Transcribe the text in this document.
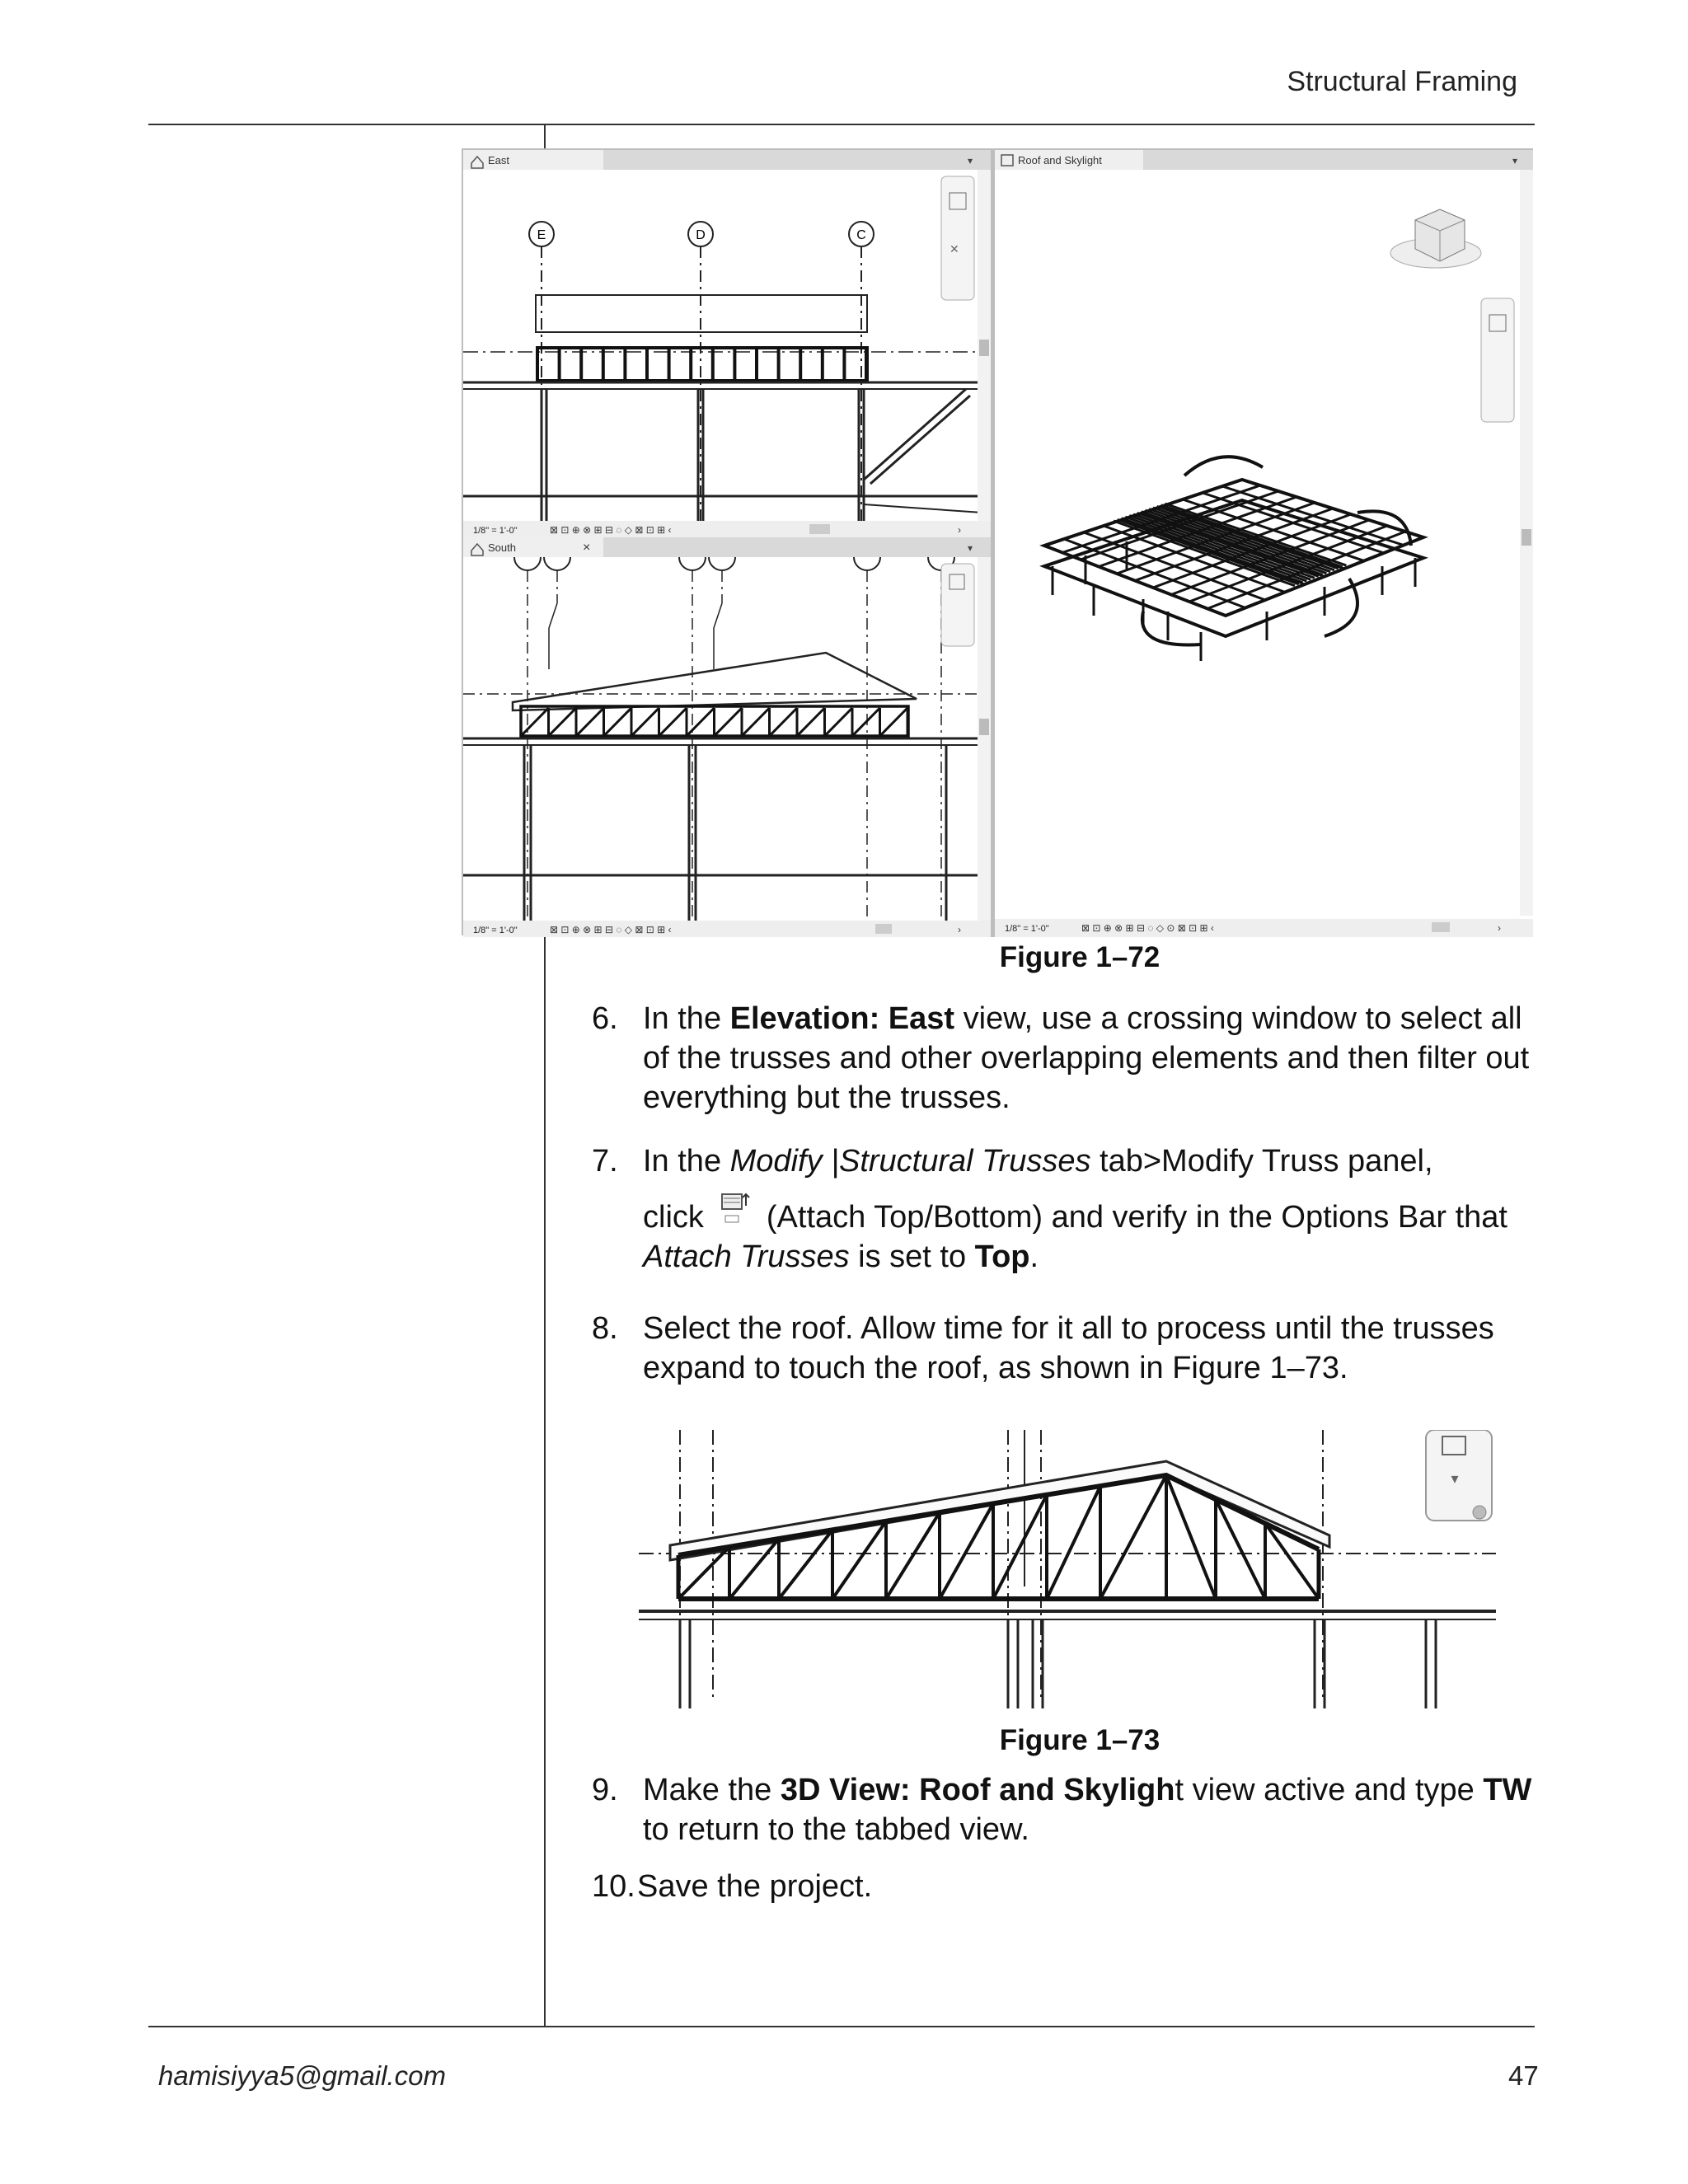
Structural Framing
East	▾
E	D	C
✕
1/8" = 1'-0"	⊠ ⊡ ⊕ ⊗ ⊞ ⊟ ◌ ◇ ⊠ ⊡ ⊞ ‹	›
South	×	▾
1/8" = 1'-0"	⊠ ⊡ ⊕ ⊗ ⊞ ⊟ ◌ ◇ ⊠ ⊡ ⊞ ‹	›
Roof and Skylight	▾
1/8" = 1'-0"	⊠ ⊡ ⊕ ⊗ ⊞ ⊟ ◌ ◇ ⊙ ⊠ ⊡ ⊞ ‹	›
Figure 1–72
6. In the Elevation: East view, use a crossing window to select all of the trusses and other overlapping elements and then filter out everything but the trusses.
7. In the Modify |Structural Trusses tab>Modify Truss panel,
click (Attach Top/Bottom) and verify in the Options Bar that Attach Trusses is set to Top.
8. Select the roof. Allow time for it all to process until the trusses expand to touch the roof, as shown in Figure 1–73.
▾
Figure 1–73
9. Make the 3D View: Roof and Skylight view active and type TW to return to the tabbed view.
10. Save the project.
hamisiyya5@gmail.com	47
